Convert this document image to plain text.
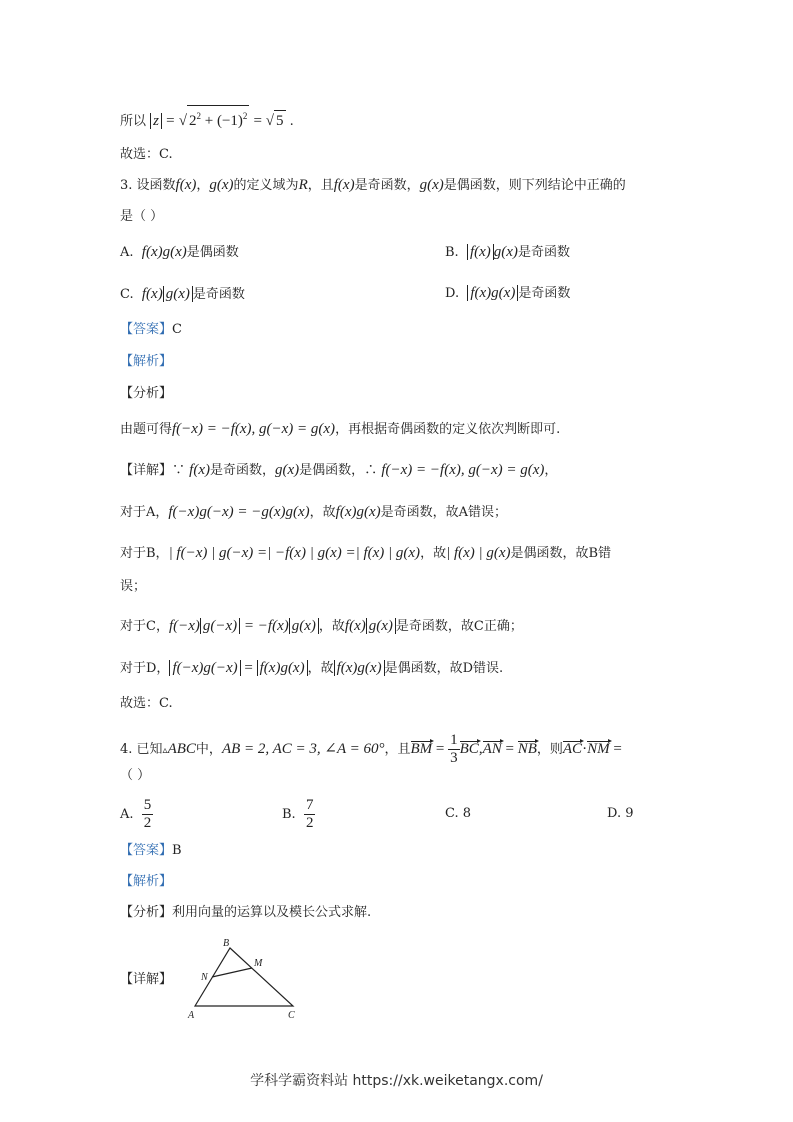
所以 z = √ $2^2 + (-1)^2$ = √ 5 .
故选：C.
3. 设函数f(x)，g(x)的定义域为R，且f(x)是奇函数，g(x)是偶函数，则下列结论中正确的
是（ ）
A. f(x)g(x)是偶函数	B. f(x) g(x)是奇函数
C. f(x) g(x) 是奇函数	D. f(x)g(x) 是奇函数
【答案】C
【解析】
【分析】
由题可得f(−x) = −f(x), g(−x) = g(x)，再根据奇偶函数的定义依次判断即可.
【详解】∵ f(x)是奇函数，g(x)是偶函数，∴ f(−x) = −f(x), g(−x) = g(x)，
对于A，f(−x)g(−x) = −g(x)g(x)，故f(x)g(x)是奇函数，故A错误；
对于B，| f(−x) | g(−x) =| −f(x) | g(x) =| f(x) | g(x)，故| f(x) | g(x)是偶函数，故B错
误；
对于C，f(−x) g(−x) = −f(x) g(x) ，故f(x) g(x) 是奇函数，故C正确；
对于D， f(−x)g(−x) = f(x)g(x) ，故 f(x)g(x) 是偶函数，故D错误.
故选：C.
4. 已知▵ABC中，AB = 2, AC = 3, ∠A = 60°，且BM = $\frac{1}{3} BC,AN$ = NB，则AC·NM =
（ ）
A. $\frac{5}{2}$	B. $\frac{7}{2}$	C. 8	D. 9
【答案】B
【解析】
【分析】利用向量的运算以及模长公式求解.
【详解】
B
M
N
A	C
学科学霸资料站 https://xk.weiketangx.com/
